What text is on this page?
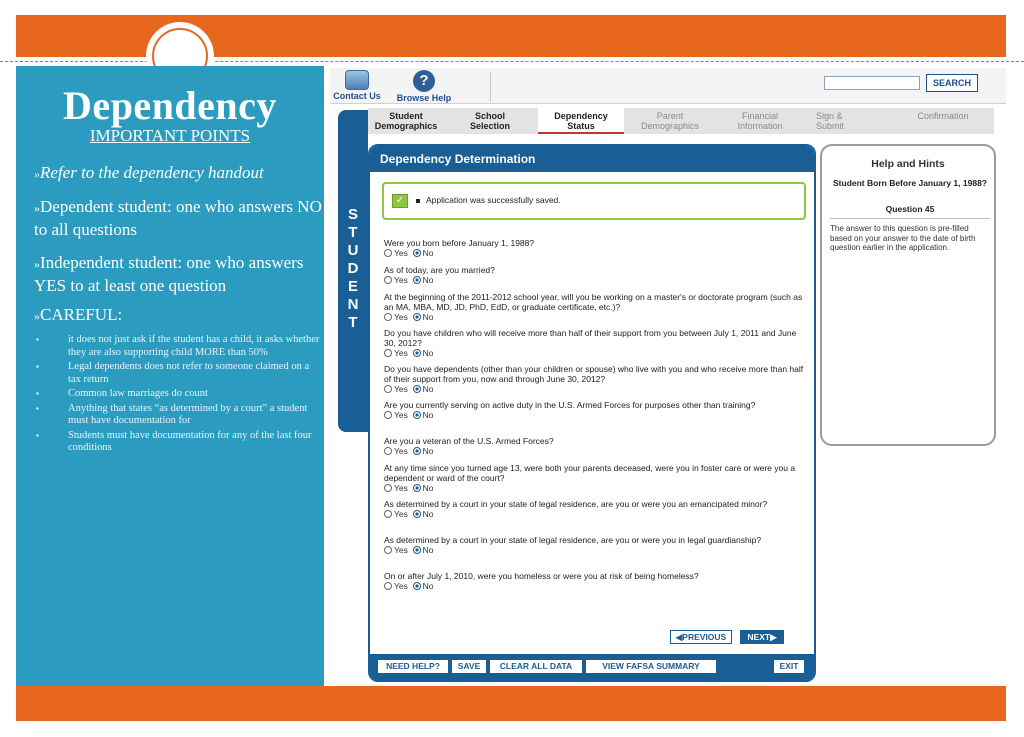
Dependency
IMPORTANT POINTS
»Refer to the dependency handout
»Dependent student: one who answers NO to all questions
»Independent student: one who answers YES to at least one question
»CAREFUL:
▪ it does not just ask if the student has a child, it asks whether they are also supporting child MORE than 50%
▪ Legal dependents does not refer to someone claimed on a tax return
▪ Common law marriages do count
▪ Anything that states “as determined by a court” a student must have documentation for
▪ Students must have documentation for any of the last four conditions
Contact Us
?
Browse Help
SEARCH
Student
Demographics
School
Selection
Dependency
Status
Parent
Demographics
Financial
Information
Sign &
Submit
Confirmation

S
T
U
D
E
N
T
Dependency Determination
✓	Application was successfully saved.
Were you born before January 1, 1988?
Yes No
As of today, are you married?
Yes No
At the beginning of the 2011-2012 school year, will you be working on a master's or doctorate program (such as an MA, MBA, MD, JD, PhD, EdD, or graduate certificate, etc.)?
Yes No
Do you have children who will receive more than half of their support from you between July 1, 2011 and June 30, 2012?
Yes No
Do you have dependents (other than your children or spouse) who live with you and who receive more than half of their support from you, now and through June 30, 2012?
Yes No
Are you currently serving on active duty in the U.S. Armed Forces for purposes other than training?
Yes No
Are you a veteran of the U.S. Armed Forces?
Yes No
At any time since you turned age 13, were both your parents deceased, were you in foster care or were you a dependent or ward of the court?
Yes No
As determined by a court in your state of legal residence, are you or were you an emancipated minor?
Yes No
As determined by a court in your state of legal residence, are you or were you in legal guardianship?
Yes No
On or after July 1, 2010, were you homeless or were you at risk of being homeless?
Yes No
◀PREVIOUS	NEXT▶
NEED HELP?	SAVE	CLEAR ALL DATA	VIEW FAFSA SUMMARY	EXIT
Help and Hints
Student Born Before January 1, 1988?
Question 45
The answer to this question is pre-filled based on your answer to the date of birth question earlier in the application.
